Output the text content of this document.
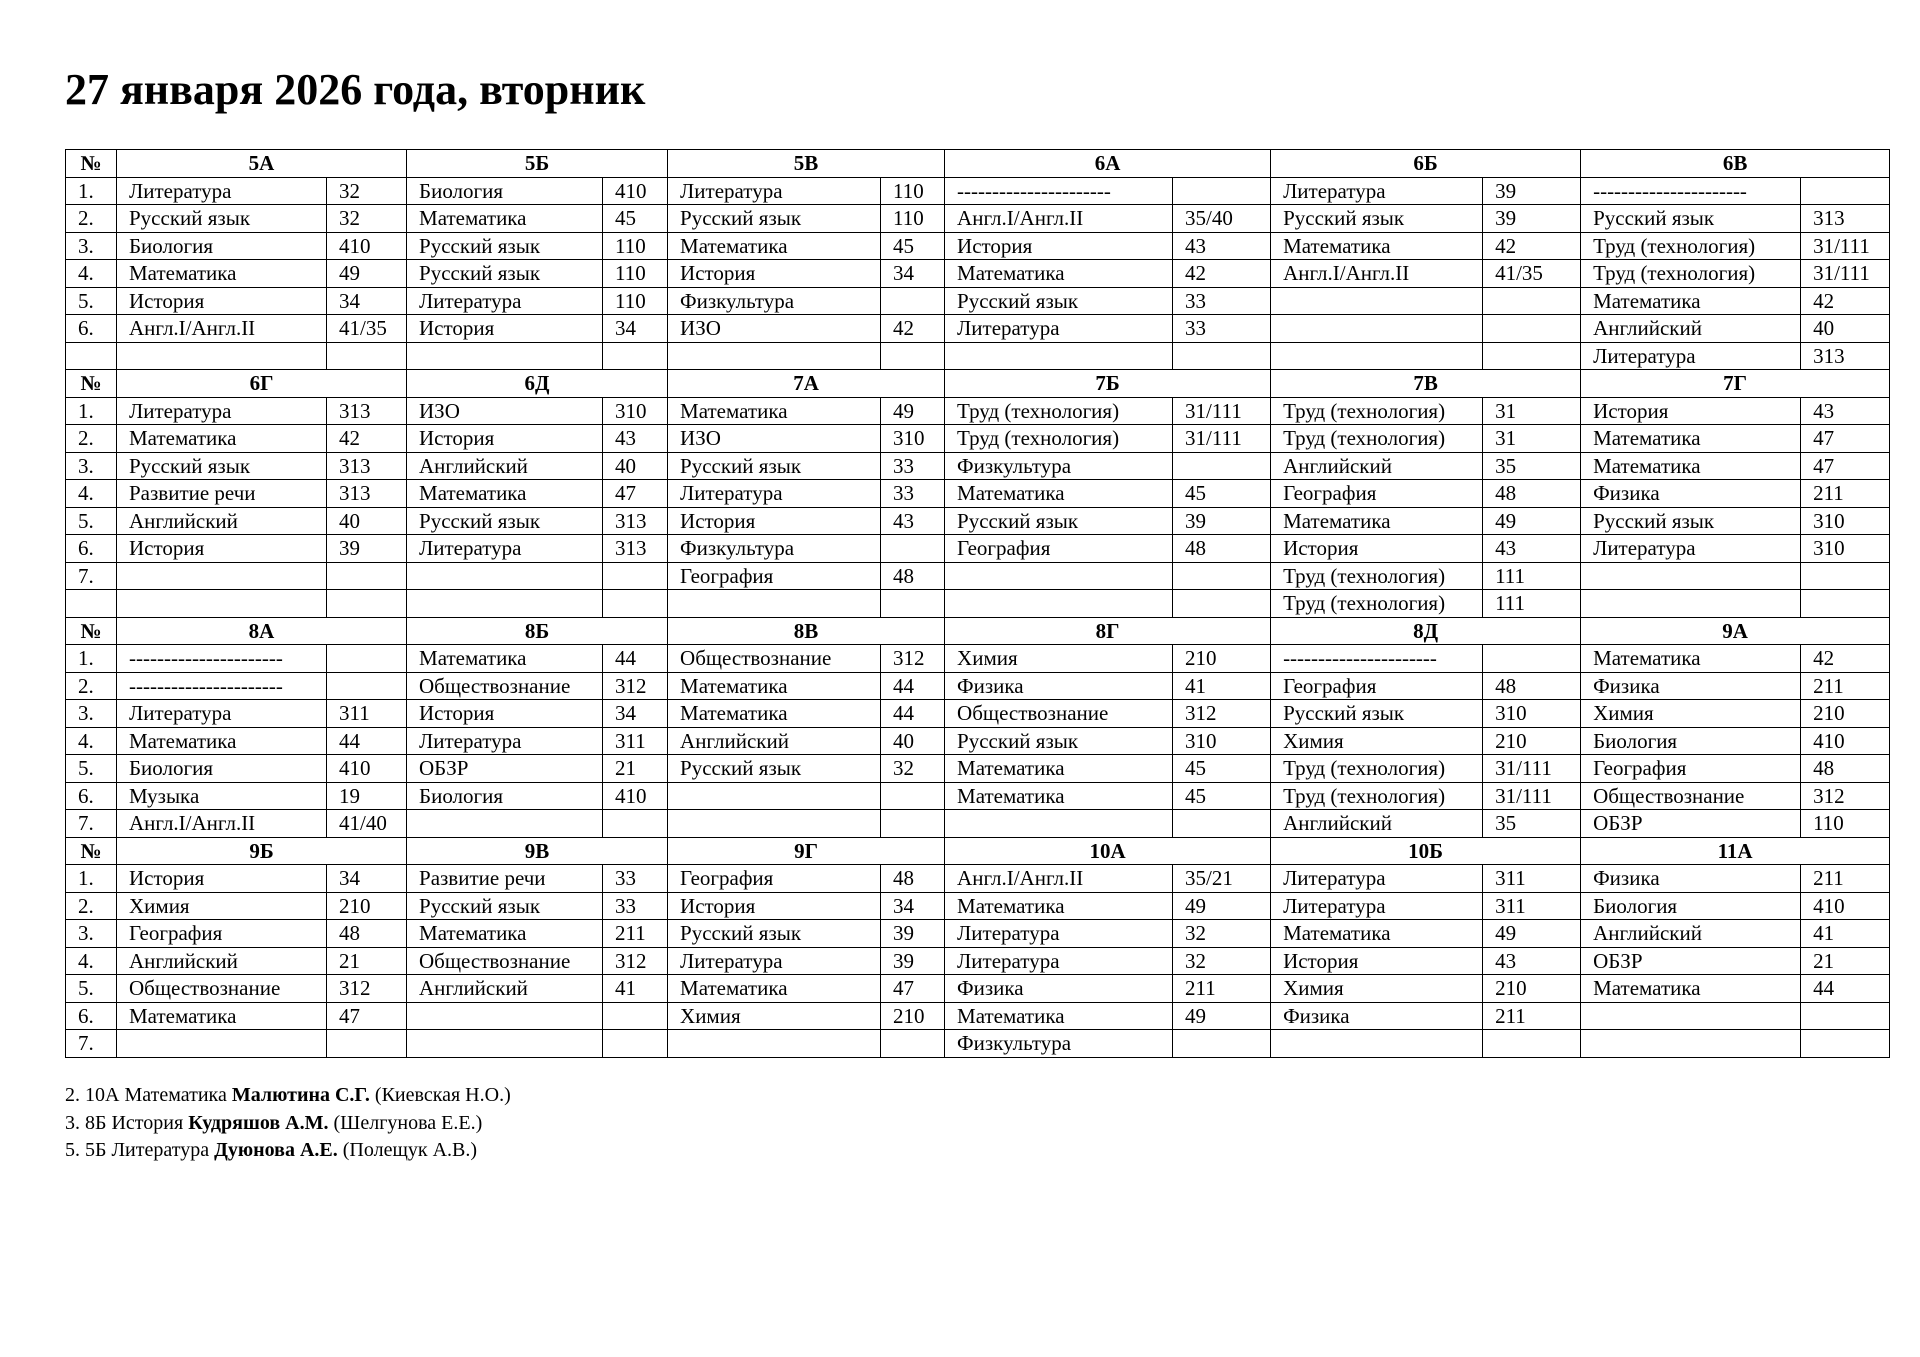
27 января 2026 года, вторник
№	5А		5Б		5В		6А		6Б		6В	
1.	Литература	32	Биология	410	Литература	110	----------------------		Литература	39	----------------------	
2.	Русский язык	32	Математика	45	Русский язык	110	Англ.I/Англ.II	35/40	Русский язык	39	Русский язык	313
3.	Биология	410	Русский язык	110	Математика	45	История	43	Математика	42	Труд (технология)	31/111
4.	Математика	49	Русский язык	110	История	34	Математика	42	Англ.I/Англ.II	41/35	Труд (технология)	31/111
5.	История	34	Литература	110	Физкультура		Русский язык	33			Математика	42
6.	Англ.I/Англ.II	41/35	История	34	ИЗО	42	Литература	33			Английский	40
											Литература	313
№	6Г		6Д		7А		7Б		7В		7Г	
1.	Литература	313	ИЗО	310	Математика	49	Труд (технология)	31/111	Труд (технология)	31	История	43
2.	Математика	42	История	43	ИЗО	310	Труд (технология)	31/111	Труд (технология)	31	Математика	47
3.	Русский язык	313	Английский	40	Русский язык	33	Физкультура		Английский	35	Математика	47
4.	Развитие речи	313	Математика	47	Литература	33	Математика	45	География	48	Физика	211
5.	Английский	40	Русский язык	313	История	43	Русский язык	39	Математика	49	Русский язык	310
6.	История	39	Литература	313	Физкультура		География	48	История	43	Литература	310
7.					География	48			Труд (технология)	111		
									Труд (технология)	111		
№	8А		8Б		8В		8Г		8Д		9А	
1.	----------------------		Математика	44	Обществознание	312	Химия	210	----------------------		Математика	42
2.	----------------------		Обществознание	312	Математика	44	Физика	41	География	48	Физика	211
3.	Литература	311	История	34	Математика	44	Обществознание	312	Русский язык	310	Химия	210
4.	Математика	44	Литература	311	Английский	40	Русский язык	310	Химия	210	Биология	410
5.	Биология	410	ОБЗР	21	Русский язык	32	Математика	45	Труд (технология)	31/111	География	48
6.	Музыка	19	Биология	410			Математика	45	Труд (технология)	31/111	Обществознание	312
7.	Англ.I/Англ.II	41/40							Английский	35	ОБЗР	110
№	9Б		9В		9Г		10А		10Б		11А	
1.	История	34	Развитие речи	33	География	48	Англ.I/Англ.II	35/21	Литература	311	Физика	211
2.	Химия	210	Русский язык	33	История	34	Математика	49	Литература	311	Биология	410
3.	География	48	Математика	211	Русский язык	39	Литература	32	Математика	49	Английский	41
4.	Английский	21	Обществознание	312	Литература	39	Литература	32	История	43	ОБЗР	21
5.	Обществознание	312	Английский	41	Математика	47	Физика	211	Химия	210	Математика	44
6.	Математика	47			Химия	210	Математика	49	Физика	211		
7.							Физкультура					
2. 10А Математика Малютина С.Г. (Киевская Н.О.)
3. 8Б История Кудряшов А.М. (Шелгунова Е.Е.)
5. 5Б Литература Дуюнова А.Е. (Полещук А.В.)
